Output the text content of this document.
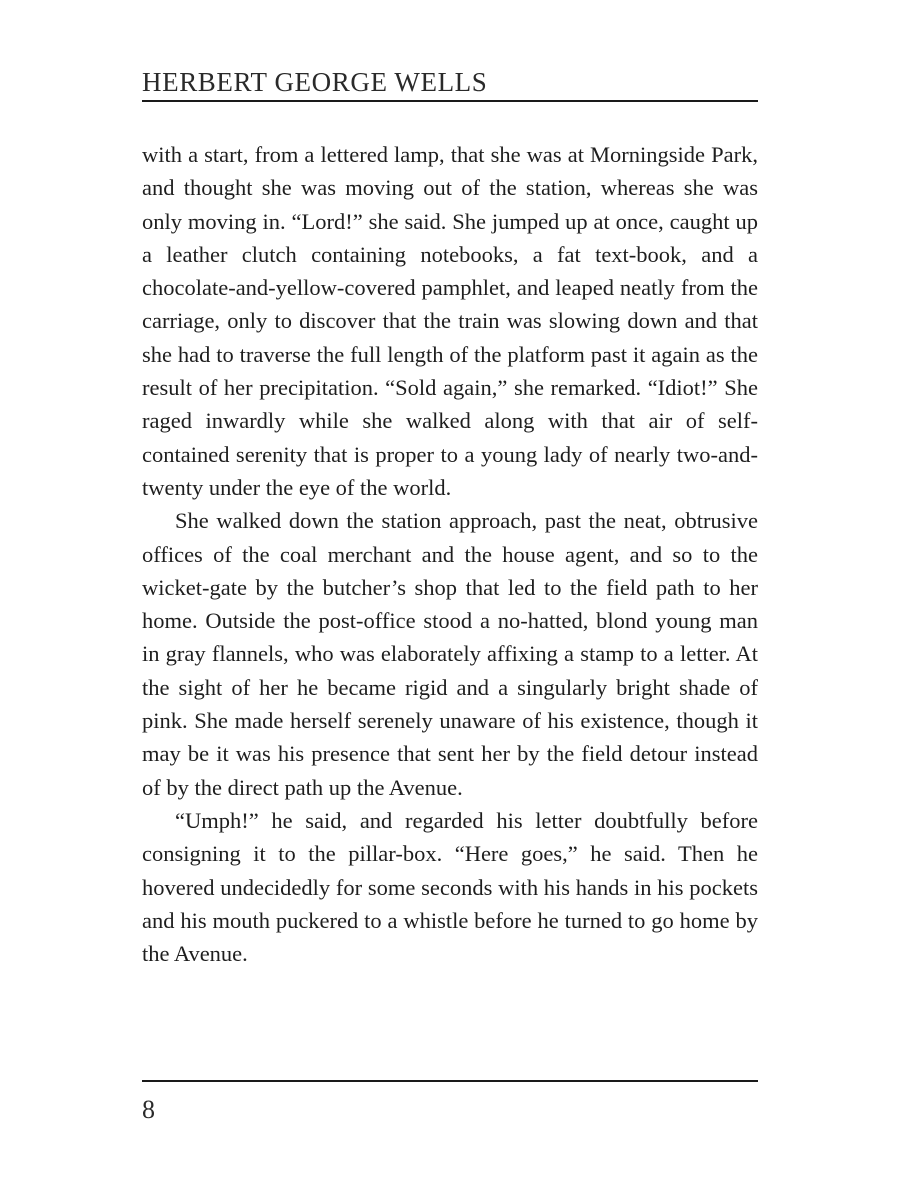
HERBERT GEORGE WELLS

with a start, from a lettered lamp, that she was at Morningside Park, and thought she was moving out of the station, whereas she was only moving in. “Lord!” she said. She jumped up at once, caught up a leather clutch containing notebooks, a fat text-book, and a chocolate-and-yellow-covered pamphlet, and leaped neatly from the carriage, only to discover that the train was slowing down and that she had to traverse the full length of the platform past it again as the result of her precipitation. “Sold again,” she remarked. “Idiot!” She raged inwardly while she walked along with that air of self-contained serenity that is proper to a young lady of nearly two-and-twenty under the eye of the world.

She walked down the station approach, past the neat, obtrusive offices of the coal merchant and the house agent, and so to the wicket-gate by the butcher’s shop that led to the field path to her home. Outside the post-office stood a no-hatted, blond young man in gray flannels, who was elaborately affixing a stamp to a letter. At the sight of her he became rigid and a singularly bright shade of pink. She made herself serenely unaware of his existence, though it may be it was his presence that sent her by the field detour instead of by the direct path up the Avenue.

“Umph!” he said, and regarded his letter doubtfully before consigning it to the pillar-box. “Here goes,” he said. Then he hovered undecidedly for some seconds with his hands in his pockets and his mouth puckered to a whistle before he turned to go home by the Avenue.

8
